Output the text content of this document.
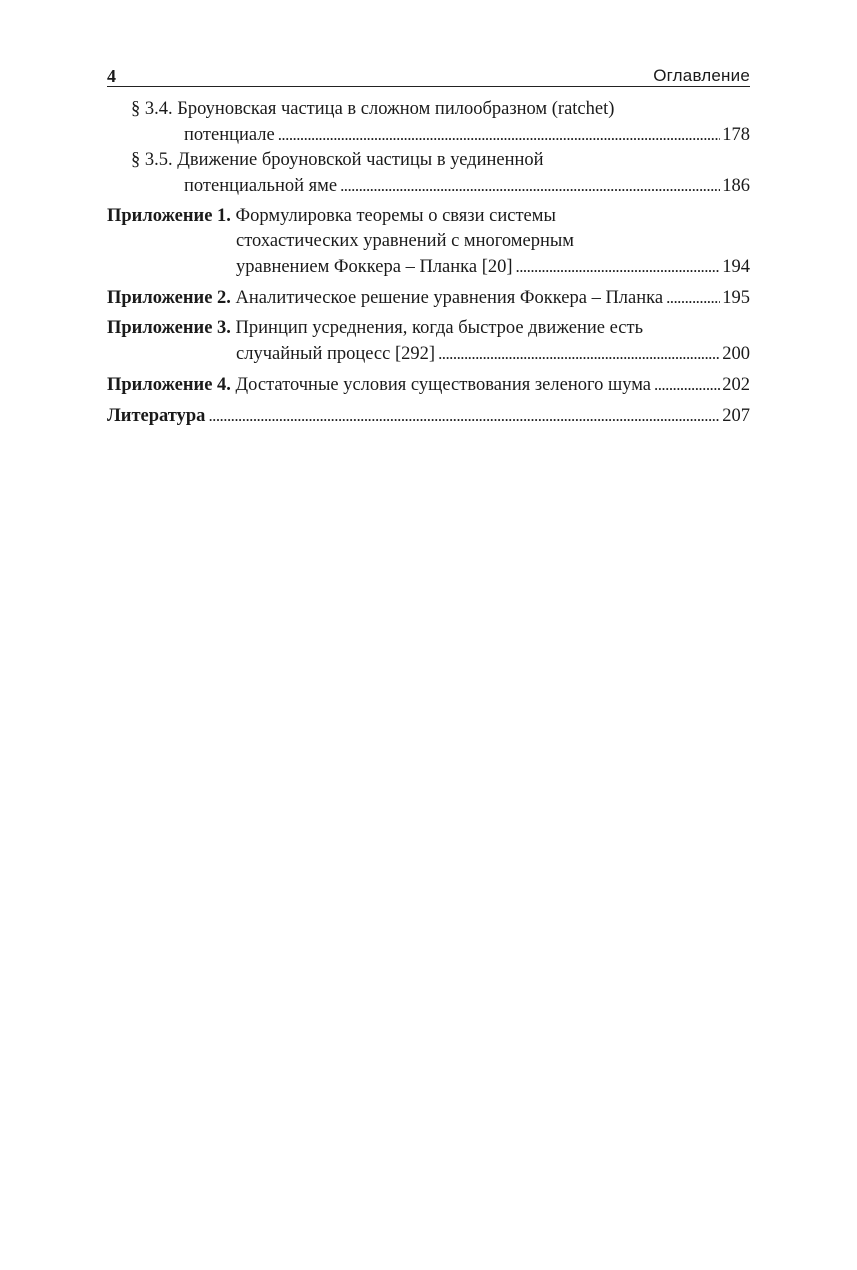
4	Оглавление
§ 3.4. Броуновская частица в сложном пилообразном (ratchet)
потенциале . . .	178
§ 3.5. Движение броуновской частицы в уединенной
потенциальной яме . . .	186
Приложение 1. Формулировка теоремы о связи системы
стохастических уравнений с многомерным
уравнением Фоккера – Планка [20] . . .	194
Приложение 2. Аналитическое решение уравнения Фоккера – Планка . . .	195
Приложение 3. Принцип усреднения, когда быстрое движение есть
случайный процесс [292] . . .	200
Приложение 4. Достаточные условия существования зеленого шума . . .	202
Литература . . .	207
